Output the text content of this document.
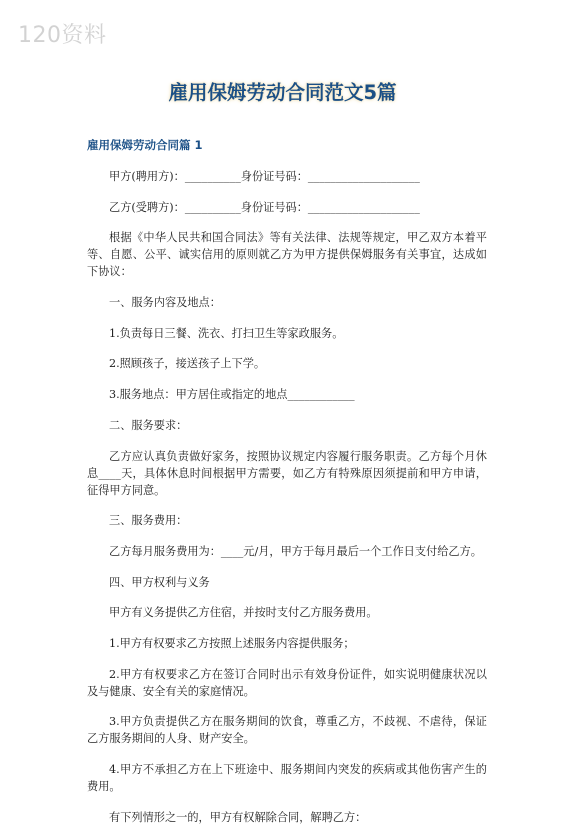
120资料
雇用保姆劳动合同范文5篇
雇用保姆劳动合同篇 1

甲方(聘用方)：__________身份证号码：____________________

乙方(受聘方)：__________身份证号码：____________________

根据《中华人民共和国合同法》等有关法律、法规等规定，甲乙双方本着平等、自愿、公平、诚实信用的原则就乙方为甲方提供保姆服务有关事宜，达成如下协议：

一、服务内容及地点：

1.负责每日三餐、洗衣、打扫卫生等家政服务。

2.照顾孩子，接送孩子上下学。

3.服务地点：甲方居住或指定的地点____________

二、服务要求：

乙方应认真负责做好家务，按照协议规定内容履行服务职责。乙方每个月休息____天，具体休息时间根据甲方需要，如乙方有特殊原因须提前和甲方申请，征得甲方同意。

三、服务费用：

乙方每月服务费用为：____元/月，甲方于每月最后一个工作日支付给乙方。

四、甲方权利与义务

甲方有义务提供乙方住宿，并按时支付乙方服务费用。

1.甲方有权要求乙方按照上述服务内容提供服务；

2.甲方有权要求乙方在签订合同时出示有效身份证件，如实说明健康状况以及与健康、安全有关的家庭情况。

3.甲方负责提供乙方在服务期间的饮食，尊重乙方，不歧视、不虐待，保证乙方服务期间的人身、财产安全。

4.甲方不承担乙方在上下班途中、服务期间内突发的疾病或其他伤害产生的费用。

有下列情形之一的，甲方有权解除合同，解聘乙方：
